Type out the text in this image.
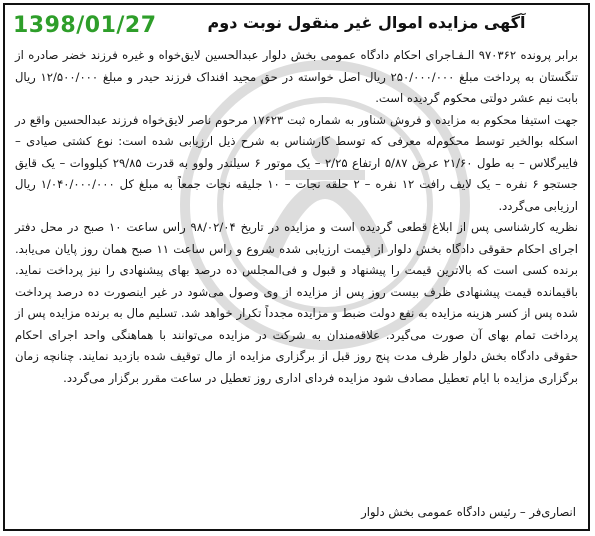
1398/01/27	آگهی مزایده اموال غیر منقول نوبت دوم

برابر پرونده ۹۷۰۳۶۲ الـفـاجرای احکام دادگاه عمومی بخش دلوار عبدالحسین لایق‌خواه و غیره فرزند خضر صادره از تنگستان به پرداخت مبلغ ۲۵۰/۰۰۰/۰۰۰ ریال اصل خواسته در حق مجید افنداک فرزند حیدر و مبلغ ۱۲/۵۰۰/۰۰۰ ریال بابت نیم عشر دولتی محکوم گردیده است.

جهت استیفا محکوم به مزایده و فروش شناور به شماره ثبت ۱۷۶۲۳ مرحوم ناصر لایق‌خواه فرزند عبدالحسین واقع در اسکله بوالخیر توسط محکوم‌له معرفی که توسط کارشناس به شرح ذیل ارزیابی شده است: نوع کشتی صیادی – فایبرگلاس – به طول ۲۱/۶۰ عرض ۵/۸۷ ارتفاع ۲/۲۵ – یک موتور ۶ سیلندر ولوو به قدرت ۲۹/۸۵ کیلووات – یک قایق جستجو ۶ نفره – یک لایف رافت ۱۲ نفره – ۲ حلقه نجات – ۱۰ جلیقه نجات جمعاً به مبلغ کل ۱/۰۴۰/۰۰۰/۰۰۰ ریال ارزیابی می‌گردد.

نظریه کارشناسی پس از ابلاغ قطعی گردیده است و مزایده در تاریخ ۹۸/۰۲/۰۴ راس ساعت ۱۰ صبح در محل دفتر اجرای احکام حقوقی دادگاه بخش دلوار از قیمت ارزیابی شده شروع و راس ساعت ۱۱ صبح همان روز پایان می‌یابد. برنده کسی است که بالاترین قیمت را پیشنهاد و قبول و فی‌المجلس ده درصد بهای پیشنهادی را نیز پرداخت نماید. باقیمانده قیمت پیشنهادی ظرف بیست روز پس از مزایده از وی وصول می‌شود در غیر اینصورت ده درصد پرداخت شده پس از کسر هزینه مزایده به نفع دولت ضبط و مزایده مجدداً تکرار خواهد شد. تسلیم مال به برنده مزایده پس از پرداخت تمام بهای آن صورت می‌گیرد. علاقه‌مندان به شرکت در مزایده می‌توانند با هماهنگی واحد اجرای احکام حقوقی دادگاه بخش دلوار ظرف مدت پنج روز قبل از برگزاری مزایده از مال توقیف شده بازدید نمایند. چنانچه زمان برگزاری مزایده با ایام تعطیل مصادف شود مزایده فردای اداری روز تعطیل در ساعت مقرر برگزار می‌گردد.

انصاری‌فر – رئیس دادگاه عمومی بخش دلوار
